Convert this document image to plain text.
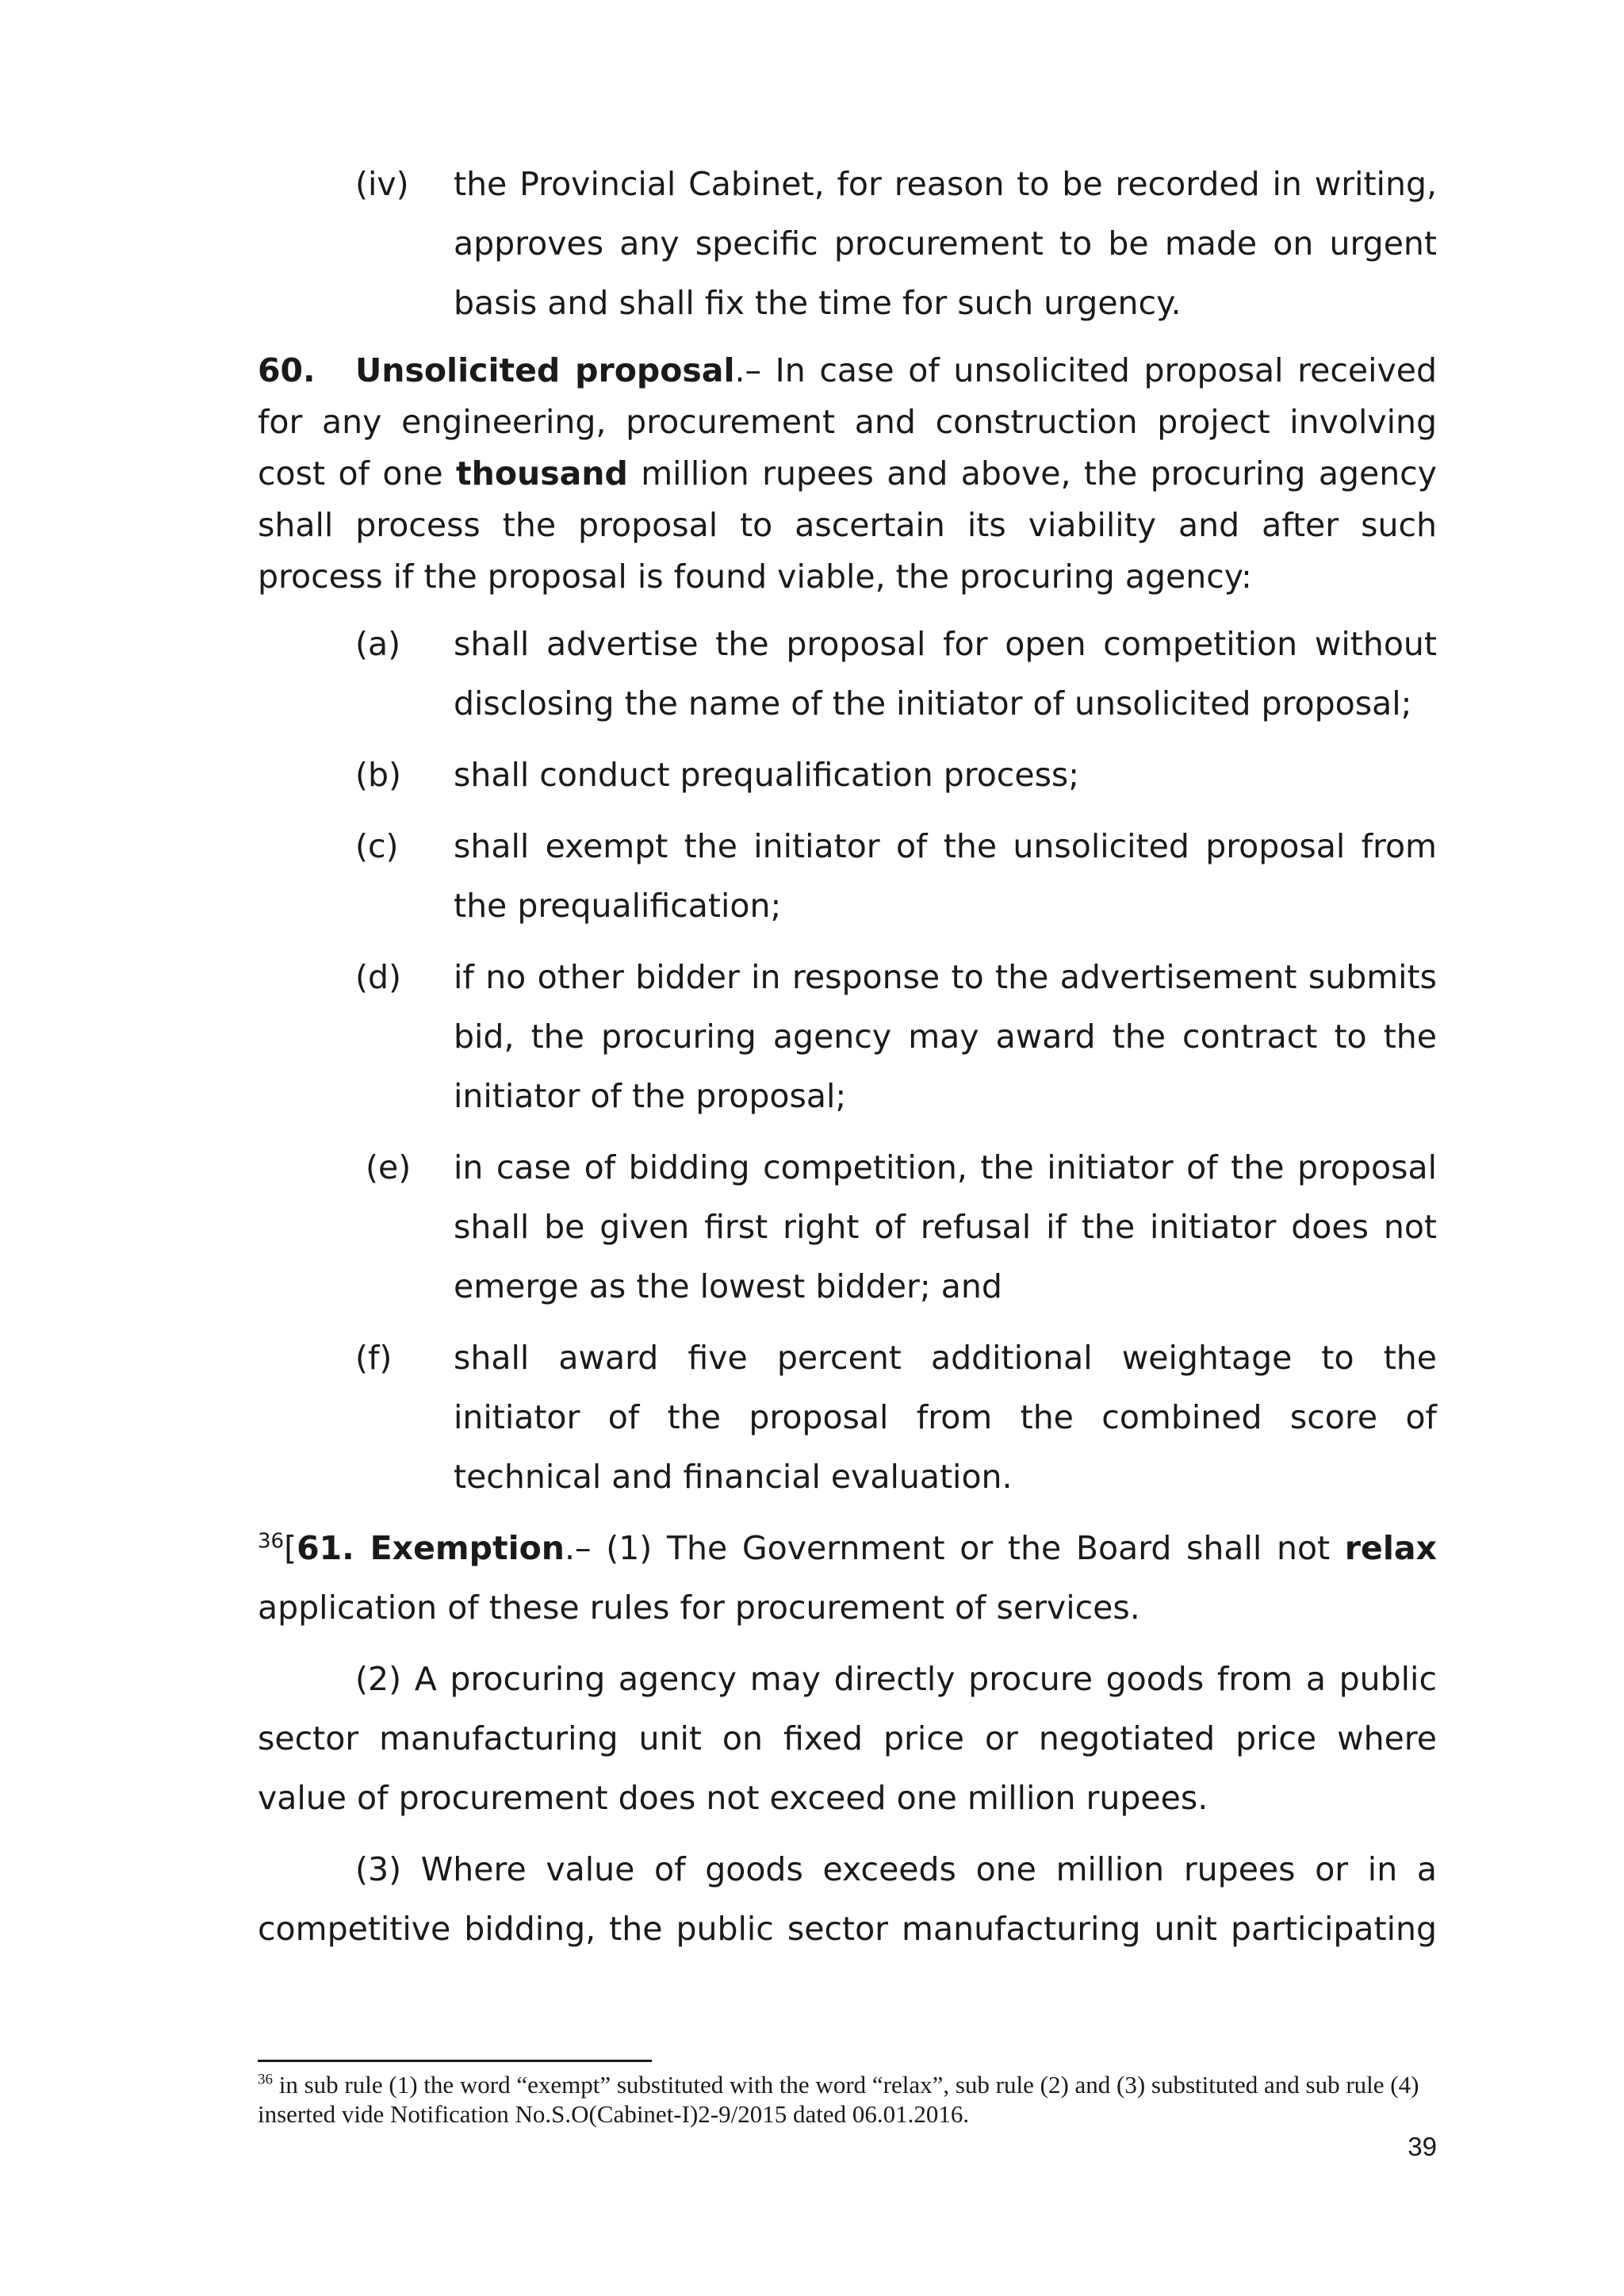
(iv) the Provincial Cabinet, for reason to be recorded in writing, approves any specific procurement to be made on urgent basis and shall fix the time for such urgency.

60. Unsolicited proposal.– In case of unsolicited proposal received for any engineering, procurement and construction project involving cost of one thousand million rupees and above, the procuring agency shall process the proposal to ascertain its viability and after such process if the proposal is found viable, the procuring agency:

(a) shall advertise the proposal for open competition without disclosing the name of the initiator of unsolicited proposal;
(b) shall conduct prequalification process;
(c) shall exempt the initiator of the unsolicited proposal from the prequalification;
(d) if no other bidder in response to the advertisement submits bid, the procuring agency may award the contract to the initiator of the proposal;
(e) in case of bidding competition, the initiator of the proposal shall be given first right of refusal if the initiator does not emerge as the lowest bidder; and
(f) shall award five percent additional weightage to the initiator of the proposal from the combined score of technical and financial evaluation.

$^{36}$[61. Exemption.– (1) The Government or the Board shall not relax application of these rules for procurement of services.

(2) A procuring agency may directly procure goods from a public sector manufacturing unit on fixed price or negotiated price where value of procurement does not exceed one million rupees.

(3) Where value of goods exceeds one million rupees or in a competitive bidding, the public sector manufacturing unit participating

$^{36}$ in sub rule (1) the word “exempt” substituted with the word “relax”, sub rule (2) and (3) substituted and sub rule (4) inserted vide Notification No.S.O(Cabinet-I)2-9/2015 dated 06.01.2016.
39
